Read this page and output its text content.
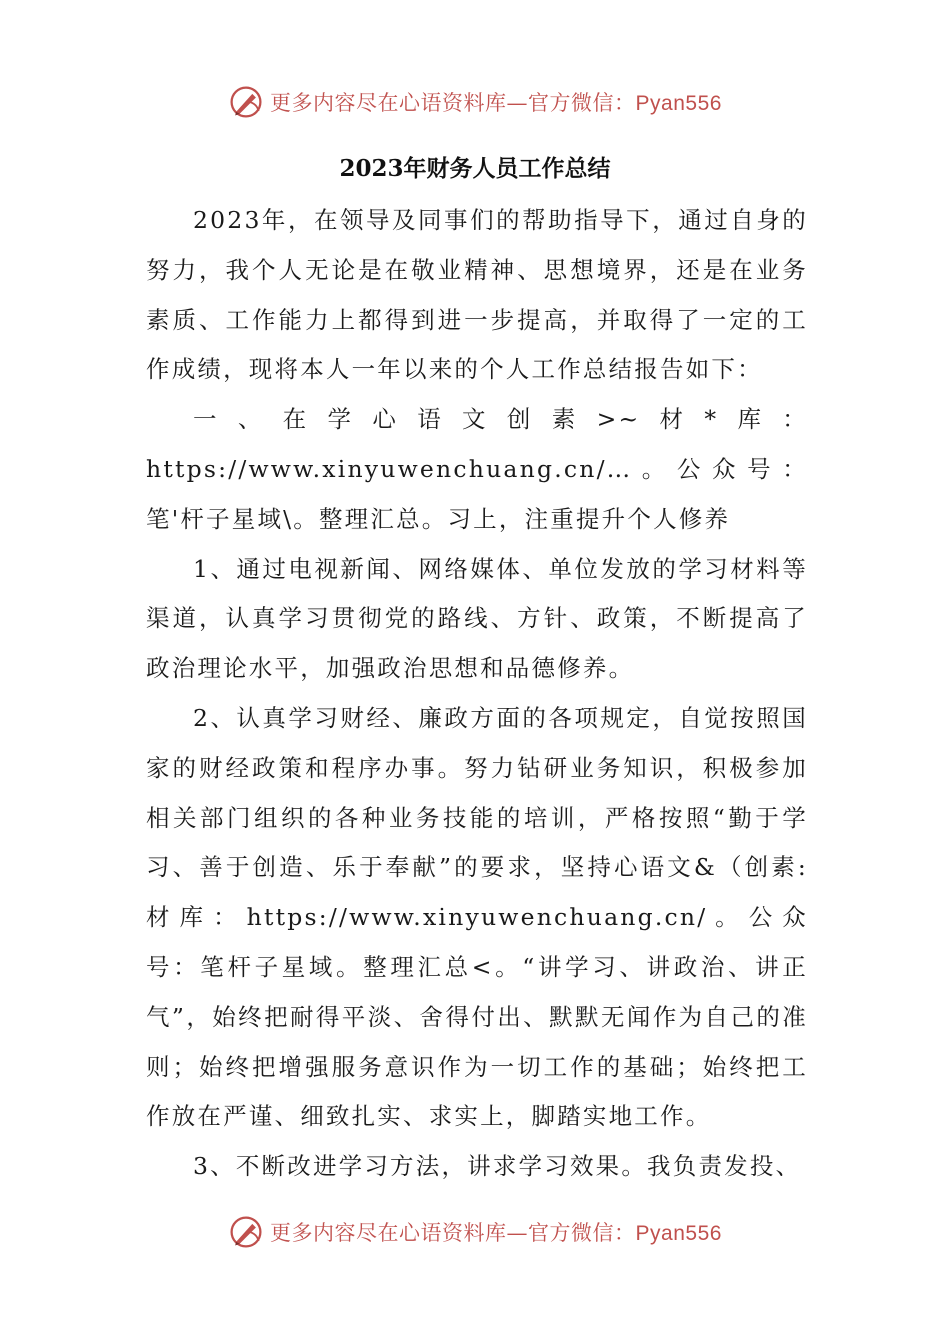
更多内容尽在心语资料库—官方微信：Pyan556
2023年财务人员工作总结

2023年，在领导及同事们的帮助指导下，通过自身的努力，我个人无论是在敬业精神、思想境界，还是在业务素质、工作能力上都得到进一步提高，并取得了一定的工作成绩，现将本人一年以来的个人工作总结报告如下：

一、在学心语文创素>~材*库：https://www.xinyuwenchuang.cn/…。公众号：笔'杆子星域\。整理汇总。习上，注重提升个人修养

1、通过电视新闻、网络媒体、单位发放的学习材料等渠道，认真学习贯彻党的路线、方针、政策，不断提高了政治理论水平，加强政治思想和品德修养。

2、认真学习财经、廉政方面的各项规定，自觉按照国家的财经政策和程序办事。努力钻研业务知识，积极参加相关部门组织的各种业务技能的培训，严格按照“勤于学习、善于创造、乐于奉献”的要求，坚持心语文&（创素:材库：https://www.xinyuwenchuang.cn/。公众号：笔杆子星域。整理汇总<。“讲学习、讲政治、讲正气”，始终把耐得平淡、舍得付出、默默无闻作为自己的准则；始终把增强服务意识作为一切工作的基础；始终把工作放在严谨、细致扎实、求实上，脚踏实地工作。

3、不断改进学习方法，讲求学习效果。我负责发投、

更多内容尽在心语资料库—官方微信：Pyan556
